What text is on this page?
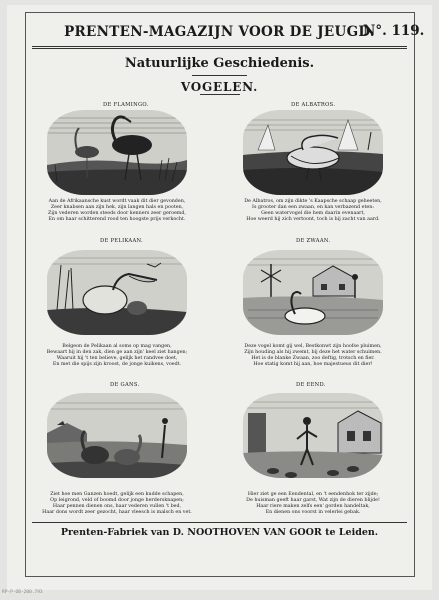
PRENTEN-MAGAZIJN VOOR DE JEUGD.
N°. 119.
Natuurlijke Geschiedenis.
VOGELEN.
DE FLAMINGO.
Aan de Afrikaansche kust wordt vaak dit dier gevonden,
Zeer knabsen aan zijn hek, zijn langen hals en pooten,
Zijn vederen worden steeds door kenners zeer geroemd,
En om haar schitterend rood ten hoogste prijs verkocht.
DE ALBATROS.
De Albatros, om zijn dikte 's Kaapsche schaap geheeten,
Is grooter dan een zwaan, en kan verbazend eten:
Geen watervogel die hem daarin evenaart,
Hoe weerd hij zich vertoont, toch is hij zacht van aard.
DE PELIKAAN.
Belgeon de Pelikaan al soms op mag vangen,
Bewaart hij in den zak, dien ge aan zijn' keel ziet hangen;
Waaruit hij 't ten believe, gelijk het randvee doet,
En met die spijs zijn kroost, de jonge kuikens, voedt.
DE ZWAAN.
Deze vogel komt gij wel, Bestkonwt zijn hoofse pluimen,
Zijn houding als hij zwemt, bij deze het water schuimen.
Het is de blanke Zwaan, zoo deftig, trotsch en fier.
Hoe statig komt hij aan, hoe majestueus dit dier!
DE GANS.
Ziet hoe men Ganzen hoedt, gelijk een kudde schapen,
Op leigrond, veld of boomd door jonge herdersknapen;
Haar pennen dienen ons, haar vederen vullen 't bed,
Haar dons wordt zeer gezocht, haar vleesch is malsch en vet.
DE EEND.
Hier ziet ge een Eendental, en 't eendenhok ter zijde;
De huisman geeft haar garst, Wat zijn de dieren blijde!
Haar riere maken zelfs een' gorden handeltak,
En dienen ons voorst in velerlei gebak.
Prenten-Fabriek van D. NOOTHOVEN VAN GOOR te Leiden.
RP-P-OB-200.793
